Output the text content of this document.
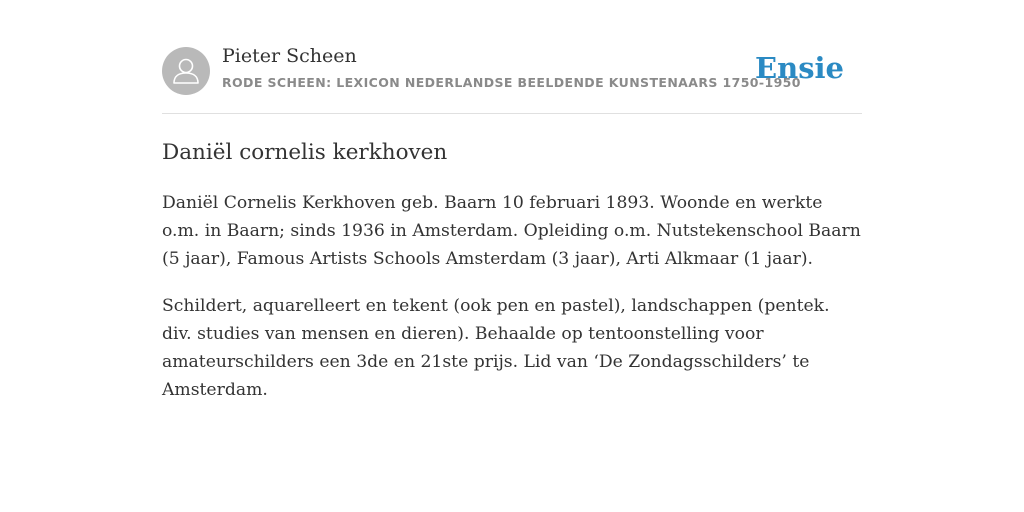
Pieter Scheen
RODE SCHEEN: LEXICON NEDERLANDSE BEELDENDE KUNSTENAARS 1750-1950
Ensie
Daniël cornelis kerkhoven

Daniël Cornelis Kerkhoven geb. Baarn 10 februari 1893. Woonde en werkte o.m. in Baarn; sinds 1936 in Amsterdam. Opleiding o.m. Nutstekenschool Baarn (5 jaar), Famous Artists Schools Amsterdam (3 jaar), Arti Alkmaar (1 jaar).

Schildert, aquarelleert en tekent (ook pen en pastel), landschappen (pentek. div. studies van mensen en dieren). Behaalde op tentoonstelling voor amateurschilders een 3de en 21ste prijs. Lid van ‘De Zondagsschilders’ te Amsterdam.
